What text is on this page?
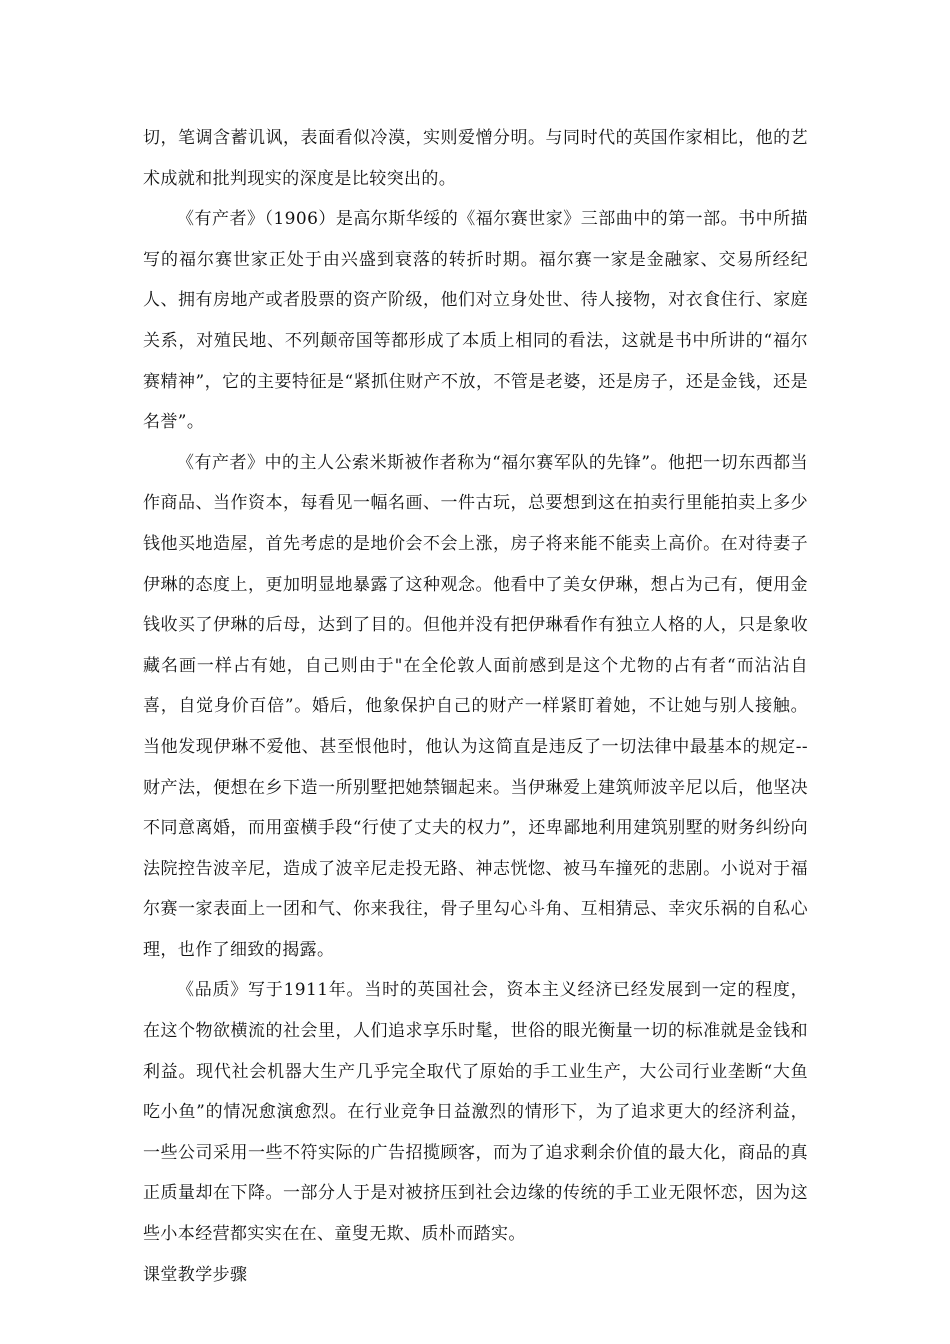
切，笔调含蓄讥讽，表面看似冷漠，实则爱憎分明。与同时代的英国作家相比，他的艺术成就和批判现实的深度是比较突出的。

《有产者》（1906）是高尔斯华绥的《福尔赛世家》三部曲中的第一部。书中所描写的福尔赛世家正处于由兴盛到衰落的转折时期。福尔赛一家是金融家、交易所经纪人、拥有房地产或者股票的资产阶级，他们对立身处世、待人接物，对衣食住行、家庭关系，对殖民地、不列颠帝国等都形成了本质上相同的看法，这就是书中所讲的“福尔赛精神”，它的主要特征是“紧抓住财产不放，不管是老婆，还是房子，还是金钱，还是名誉”。

《有产者》中的主人公索米斯被作者称为“福尔赛军队的先锋”。他把一切东西都当作商品、当作资本，每看见一幅名画、一件古玩，总要想到这在拍卖行里能拍卖上多少钱他买地造屋，首先考虑的是地价会不会上涨，房子将来能不能卖上高价。在对待妻子伊琳的态度上，更加明显地暴露了这种观念。他看中了美女伊琳，想占为己有，便用金钱收买了伊琳的后母，达到了目的。但他并没有把伊琳看作有独立人格的人，只是象收藏名画一样占有她，自己则由于"在全伦敦人面前感到是这个尤物的占有者“而沾沾自喜，自觉身价百倍”。婚后，他象保护自己的财产一样紧盯着她，不让她与别人接触。当他发现伊琳不爱他、甚至恨他时，他认为这简直是违反了一切法律中最基本的规定--财产法，便想在乡下造一所别墅把她禁锢起来。当伊琳爱上建筑师波辛尼以后，他坚决不同意离婚，而用蛮横手段“行使了丈夫的权力”，还卑鄙地利用建筑别墅的财务纠纷向法院控告波辛尼，造成了波辛尼走投无路、神志恍惚、被马车撞死的悲剧。小说对于福尔赛一家表面上一团和气、你来我往，骨子里勾心斗角、互相猜忌、幸灾乐祸的自私心理，也作了细致的揭露。

《品质》写于1911年。当时的英国社会，资本主义经济已经发展到一定的程度，在这个物欲横流的社会里，人们追求享乐时髦，世俗的眼光衡量一切的标准就是金钱和利益。现代社会机器大生产几乎完全取代了原始的手工业生产，大公司行业垄断“大鱼吃小鱼”的情况愈演愈烈。在行业竞争日益激烈的情形下，为了追求更大的经济利益，一些公司采用一些不符实际的广告招揽顾客，而为了追求剩余价值的最大化，商品的真正质量却在下降。一部分人于是对被挤压到社会边缘的传统的手工业无限怀恋，因为这些小本经营都实实在在、童叟无欺、质朴而踏实。

课堂教学步骤
